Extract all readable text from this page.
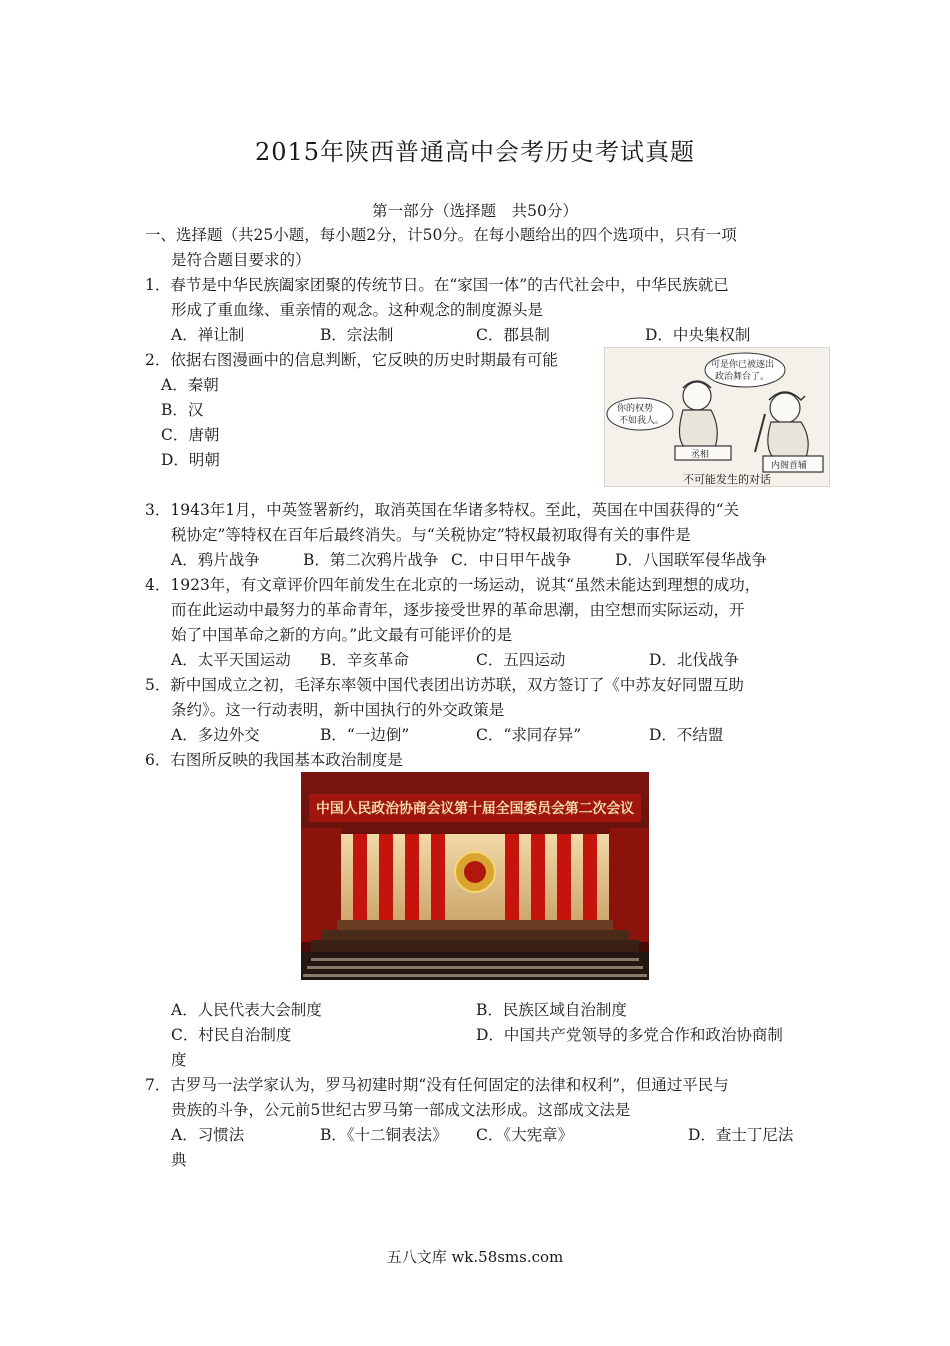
2015年陕西普通高中会考历史考试真题
第一部分（选择题　共50分）
一、选择题（共25小题，每小题2分，计50分。在每小题给出的四个选项中，只有一项
是符合题目要求的）
1．春节是中华民族阖家团聚的传统节日。在“家国一体”的古代社会中，中华民族就已
形成了重血缘、重亲情的观念。这种观念的制度源头是
A．禅让制	B．宗法制	C．郡县制	D．中央集权制
2．依据右图漫画中的信息判断，它反映的历史时期最有可能
A．秦朝
B．汉
C．唐朝
D．明朝
你的权势
不如我人。
可是你已被逐出
政治舞台了。
丞相
内阁首辅
不可能发生的对话
3．1943年1月，中英签署新约，取消英国在华诸多特权。至此，英国在中国获得的“关
税协定”等特权在百年后最终消失。与“关税协定”特权最初取得有关的事件是
A．鸦片战争	B．第二次鸦片战争 C．中日甲午战争	D．八国联军侵华战争
4．1923年，有文章评价四年前发生在北京的一场运动，说其“虽然未能达到理想的成功，
而在此运动中最努力的革命青年，逐步接受世界的革命思潮，由空想而实际运动，开
始了中国革命之新的方向。”此文最有可能评价的是
A．太平天国运动 B．辛亥革命	C．五四运动	D．北伐战争
5．新中国成立之初，毛泽东率领中国代表团出访苏联，双方签订了《中苏友好同盟互助
条约》。这一行动表明，新中国执行的外交政策是
A．多边外交	B．“一边倒”	C．“求同存异”	D．不结盟
6．右图所反映的我国基本政治制度是
中国人民政治协商会议第十届全国委员会第二次会议
A．人民代表大会制度	B．民族区域自治制度
C．村民自治制度	D．中国共产党领导的多党合作和政治协商制
度
7．古罗马一法学家认为，罗马初建时期“没有任何固定的法律和权利”，但通过平民与
贵族的斗争，公元前5世纪古罗马第一部成文法形成。这部成文法是
A．习惯法	B．《十二铜表法》 C．《大宪章》	D．查士丁尼法
典
五八文库 wk.58sms.com
